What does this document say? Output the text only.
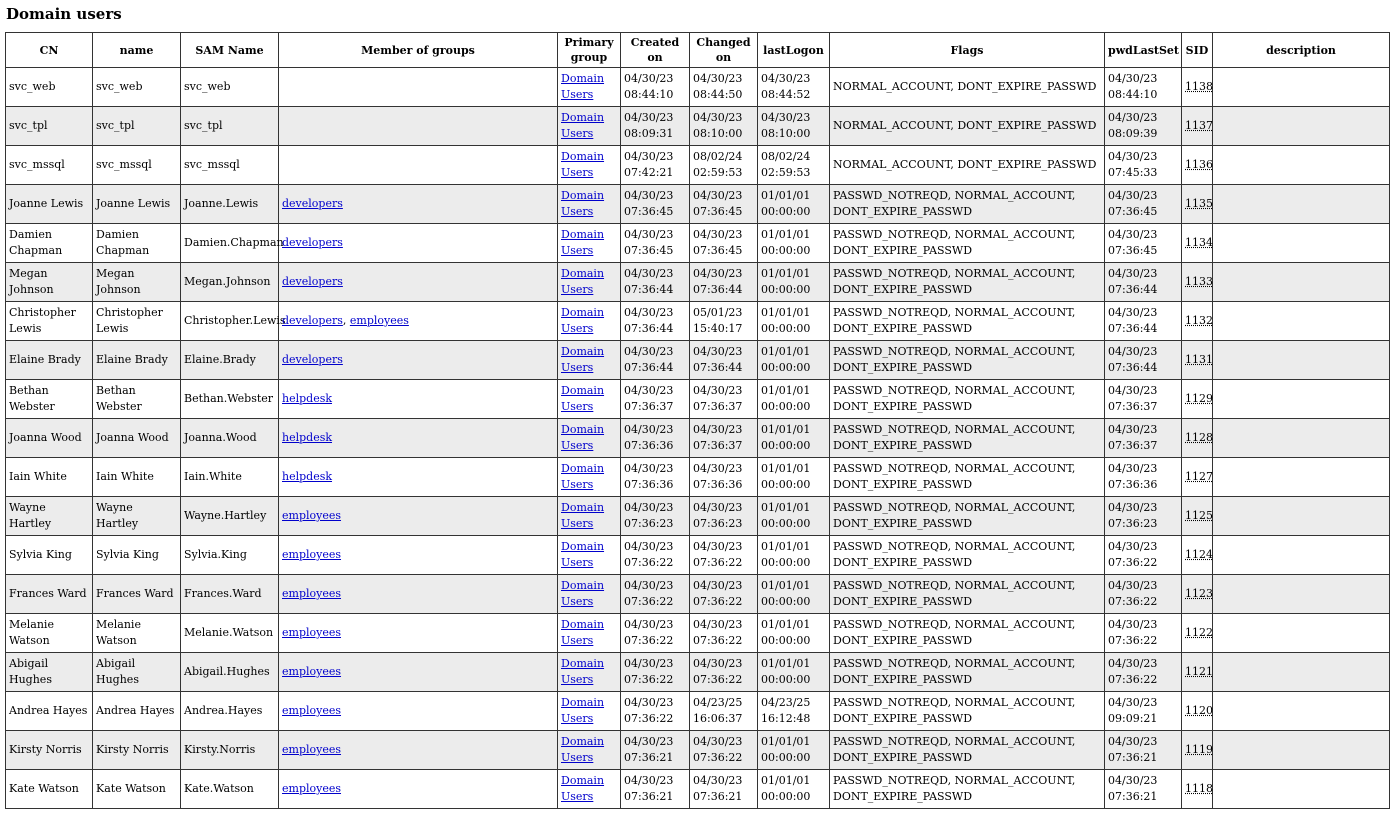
Domain users
CN	name	SAM Name	Member of groups	Primary group	Created on	Changed on	lastLogon	Flags	pwdLastSet	SID	description
svc_web	svc_web	svc_web		Domain Users	04/30/23 08:44:10	04/30/23 08:44:50	04/30/23 08:44:52	NORMAL_ACCOUNT, DONT_EXPIRE_PASSWD	04/30/23 08:44:10	1138	
svc_tpl	svc_tpl	svc_tpl		Domain Users	04/30/23 08:09:31	04/30/23 08:10:00	04/30/23 08:10:00	NORMAL_ACCOUNT, DONT_EXPIRE_PASSWD	04/30/23 08:09:39	1137	
svc_mssql	svc_mssql	svc_mssql		Domain Users	04/30/23 07:42:21	08/02/24 02:59:53	08/02/24 02:59:53	NORMAL_ACCOUNT, DONT_EXPIRE_PASSWD	04/30/23 07:45:33	1136	
Joanne Lewis	Joanne Lewis	Joanne.Lewis	developers	Domain Users	04/30/23 07:36:45	04/30/23 07:36:45	01/01/01 00:00:00	PASSWD_NOTREQD, NORMAL_ACCOUNT, DONT_EXPIRE_PASSWD	04/30/23 07:36:45	1135	
Damien Chapman	Damien Chapman	Damien.Chapman	developers	Domain Users	04/30/23 07:36:45	04/30/23 07:36:45	01/01/01 00:00:00	PASSWD_NOTREQD, NORMAL_ACCOUNT, DONT_EXPIRE_PASSWD	04/30/23 07:36:45	1134	
Megan Johnson	Megan Johnson	Megan.Johnson	developers	Domain Users	04/30/23 07:36:44	04/30/23 07:36:44	01/01/01 00:00:00	PASSWD_NOTREQD, NORMAL_ACCOUNT, DONT_EXPIRE_PASSWD	04/30/23 07:36:44	1133	
Christopher Lewis	Christopher Lewis	Christopher.Lewis	developers, employees	Domain Users	04/30/23 07:36:44	05/01/23 15:40:17	01/01/01 00:00:00	PASSWD_NOTREQD, NORMAL_ACCOUNT, DONT_EXPIRE_PASSWD	04/30/23 07:36:44	1132	
Elaine Brady	Elaine Brady	Elaine.Brady	developers	Domain Users	04/30/23 07:36:44	04/30/23 07:36:44	01/01/01 00:00:00	PASSWD_NOTREQD, NORMAL_ACCOUNT, DONT_EXPIRE_PASSWD	04/30/23 07:36:44	1131	
Bethan Webster	Bethan Webster	Bethan.Webster	helpdesk	Domain Users	04/30/23 07:36:37	04/30/23 07:36:37	01/01/01 00:00:00	PASSWD_NOTREQD, NORMAL_ACCOUNT, DONT_EXPIRE_PASSWD	04/30/23 07:36:37	1129	
Joanna Wood	Joanna Wood	Joanna.Wood	helpdesk	Domain Users	04/30/23 07:36:36	04/30/23 07:36:37	01/01/01 00:00:00	PASSWD_NOTREQD, NORMAL_ACCOUNT, DONT_EXPIRE_PASSWD	04/30/23 07:36:37	1128	
Iain White	Iain White	Iain.White	helpdesk	Domain Users	04/30/23 07:36:36	04/30/23 07:36:36	01/01/01 00:00:00	PASSWD_NOTREQD, NORMAL_ACCOUNT, DONT_EXPIRE_PASSWD	04/30/23 07:36:36	1127	
Wayne Hartley	Wayne Hartley	Wayne.Hartley	employees	Domain Users	04/30/23 07:36:23	04/30/23 07:36:23	01/01/01 00:00:00	PASSWD_NOTREQD, NORMAL_ACCOUNT, DONT_EXPIRE_PASSWD	04/30/23 07:36:23	1125	
Sylvia King	Sylvia King	Sylvia.King	employees	Domain Users	04/30/23 07:36:22	04/30/23 07:36:22	01/01/01 00:00:00	PASSWD_NOTREQD, NORMAL_ACCOUNT, DONT_EXPIRE_PASSWD	04/30/23 07:36:22	1124	
Frances Ward	Frances Ward	Frances.Ward	employees	Domain Users	04/30/23 07:36:22	04/30/23 07:36:22	01/01/01 00:00:00	PASSWD_NOTREQD, NORMAL_ACCOUNT, DONT_EXPIRE_PASSWD	04/30/23 07:36:22	1123	
Melanie Watson	Melanie Watson	Melanie.Watson	employees	Domain Users	04/30/23 07:36:22	04/30/23 07:36:22	01/01/01 00:00:00	PASSWD_NOTREQD, NORMAL_ACCOUNT, DONT_EXPIRE_PASSWD	04/30/23 07:36:22	1122	
Abigail Hughes	Abigail Hughes	Abigail.Hughes	employees	Domain Users	04/30/23 07:36:22	04/30/23 07:36:22	01/01/01 00:00:00	PASSWD_NOTREQD, NORMAL_ACCOUNT, DONT_EXPIRE_PASSWD	04/30/23 07:36:22	1121	
Andrea Hayes	Andrea Hayes	Andrea.Hayes	employees	Domain Users	04/30/23 07:36:22	04/23/25 16:06:37	04/23/25 16:12:48	PASSWD_NOTREQD, NORMAL_ACCOUNT, DONT_EXPIRE_PASSWD	04/30/23 09:09:21	1120	
Kirsty Norris	Kirsty Norris	Kirsty.Norris	employees	Domain Users	04/30/23 07:36:21	04/30/23 07:36:22	01/01/01 00:00:00	PASSWD_NOTREQD, NORMAL_ACCOUNT, DONT_EXPIRE_PASSWD	04/30/23 07:36:21	1119	
Kate Watson	Kate Watson	Kate.Watson	employees	Domain Users	04/30/23 07:36:21	04/30/23 07:36:21	01/01/01 00:00:00	PASSWD_NOTREQD, NORMAL_ACCOUNT, DONT_EXPIRE_PASSWD	04/30/23 07:36:21	1118	
